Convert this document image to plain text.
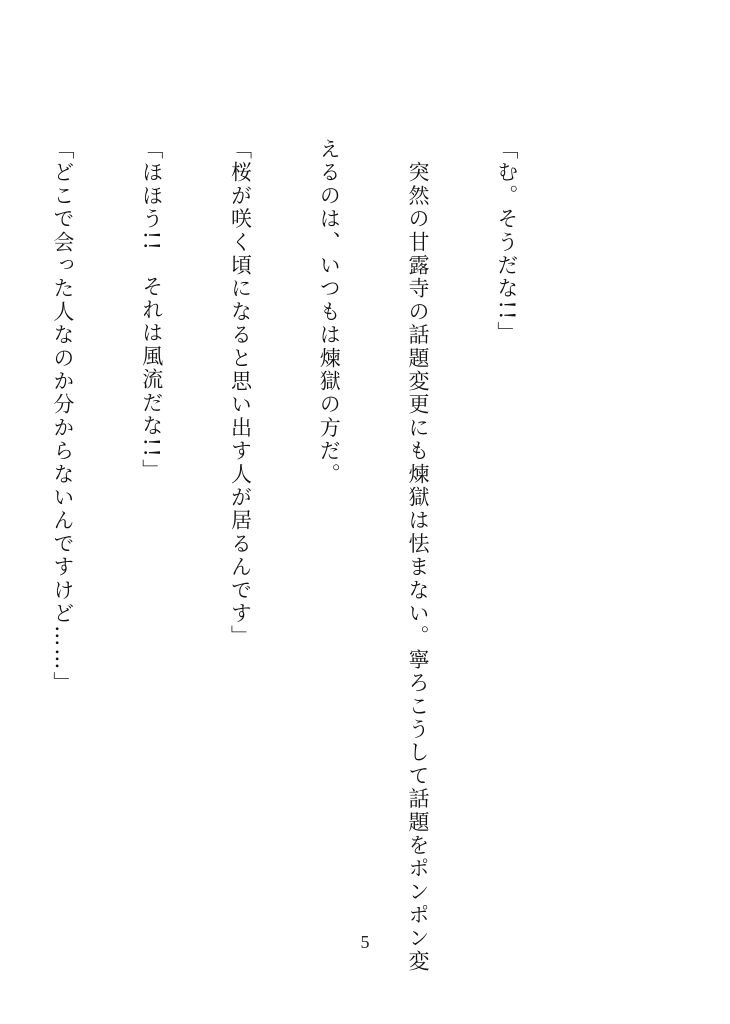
「む。そうだな!!」

　突然の甘露寺の話題変更にも煉獄は怯まない。寧ろこうして話題をポンポン変

えるのは、いつもは煉獄の方だ。

「桜が咲く頃になると思い出す人が居るんです」

「ほほう!!　それは風流だな!!」

「どこで会った人なのか分からないんですけど……」

5
